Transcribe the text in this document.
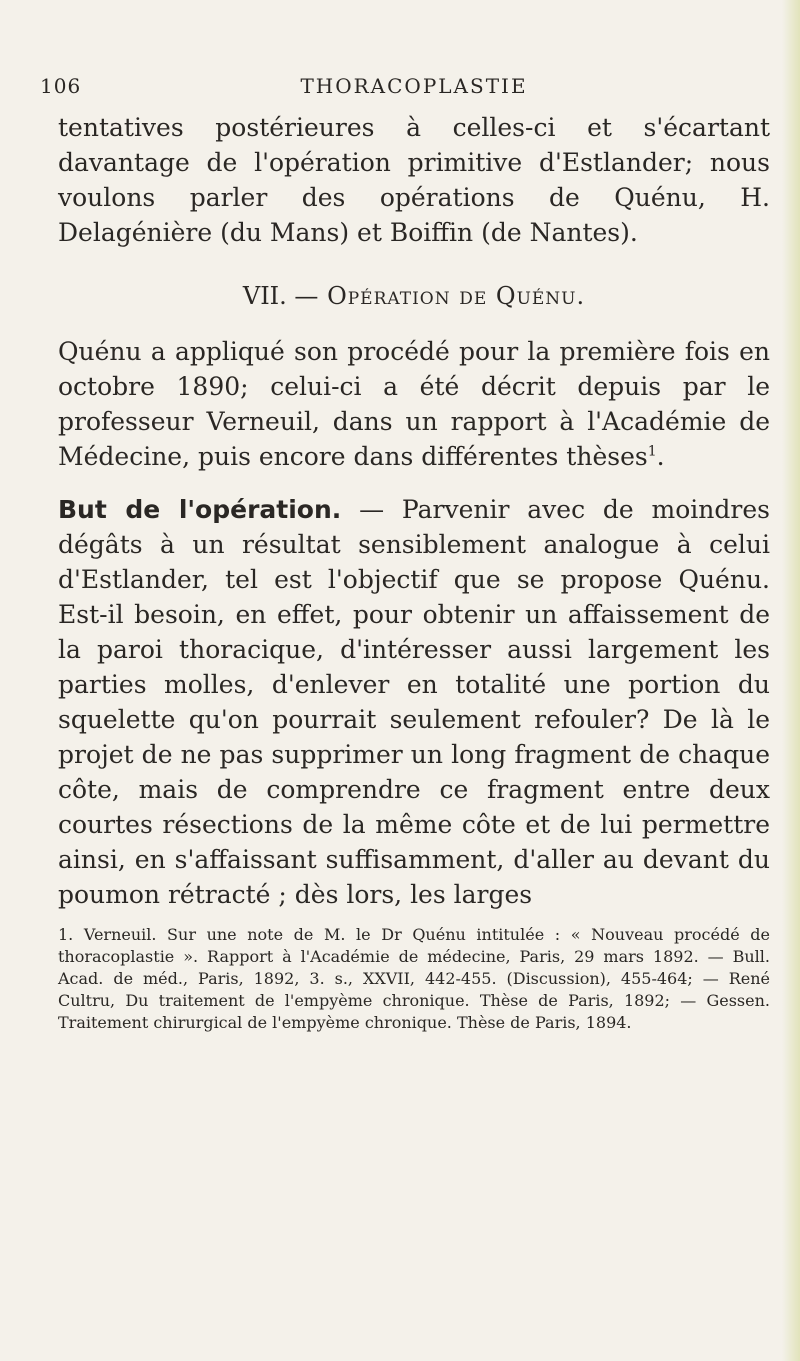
106	THORACOPLASTIE

tentatives postérieures à celles-ci et s'écartant davantage de l'opération primitive d'Estlander; nous voulons parler des opérations de Quénu, H. Delagénière (du Mans) et Boiffin (de Nantes).

VII. — Opération de Quénu.

Quénu a appliqué son procédé pour la première fois en octobre 1890; celui-ci a été décrit depuis par le professeur Verneuil, dans un rapport à l'Académie de Médecine, puis encore dans différentes thèses$^1$.

But de l'opération. — Parvenir avec de moindres dégâts à un résultat sensiblement analogue à celui d'Estlander, tel est l'objectif que se propose Quénu. Est-il besoin, en effet, pour obtenir un affaissement de la paroi thoracique, d'intéresser aussi largement les parties molles, d'enlever en totalité une portion du squelette qu'on pourrait seulement refouler? De là le projet de ne pas supprimer un long fragment de chaque côte, mais de comprendre ce fragment entre deux courtes résections de la même côte et de lui permettre ainsi, en s'affaissant suffisamment, d'aller au devant du poumon rétracté ; dès lors, les larges

1. Verneuil. Sur une note de M. le Dr Quénu intitulée : « Nouveau procédé de thoracoplastie ». Rapport à l'Académie de médecine, Paris, 29 mars 1892. — Bull. Acad. de méd., Paris, 1892, 3. s., XXVII, 442-455. (Discussion), 455-464; — René Cultru, Du traitement de l'empyème chronique. Thèse de Paris, 1892; — Gessen. Traitement chirurgical de l'empyème chronique. Thèse de Paris, 1894.
